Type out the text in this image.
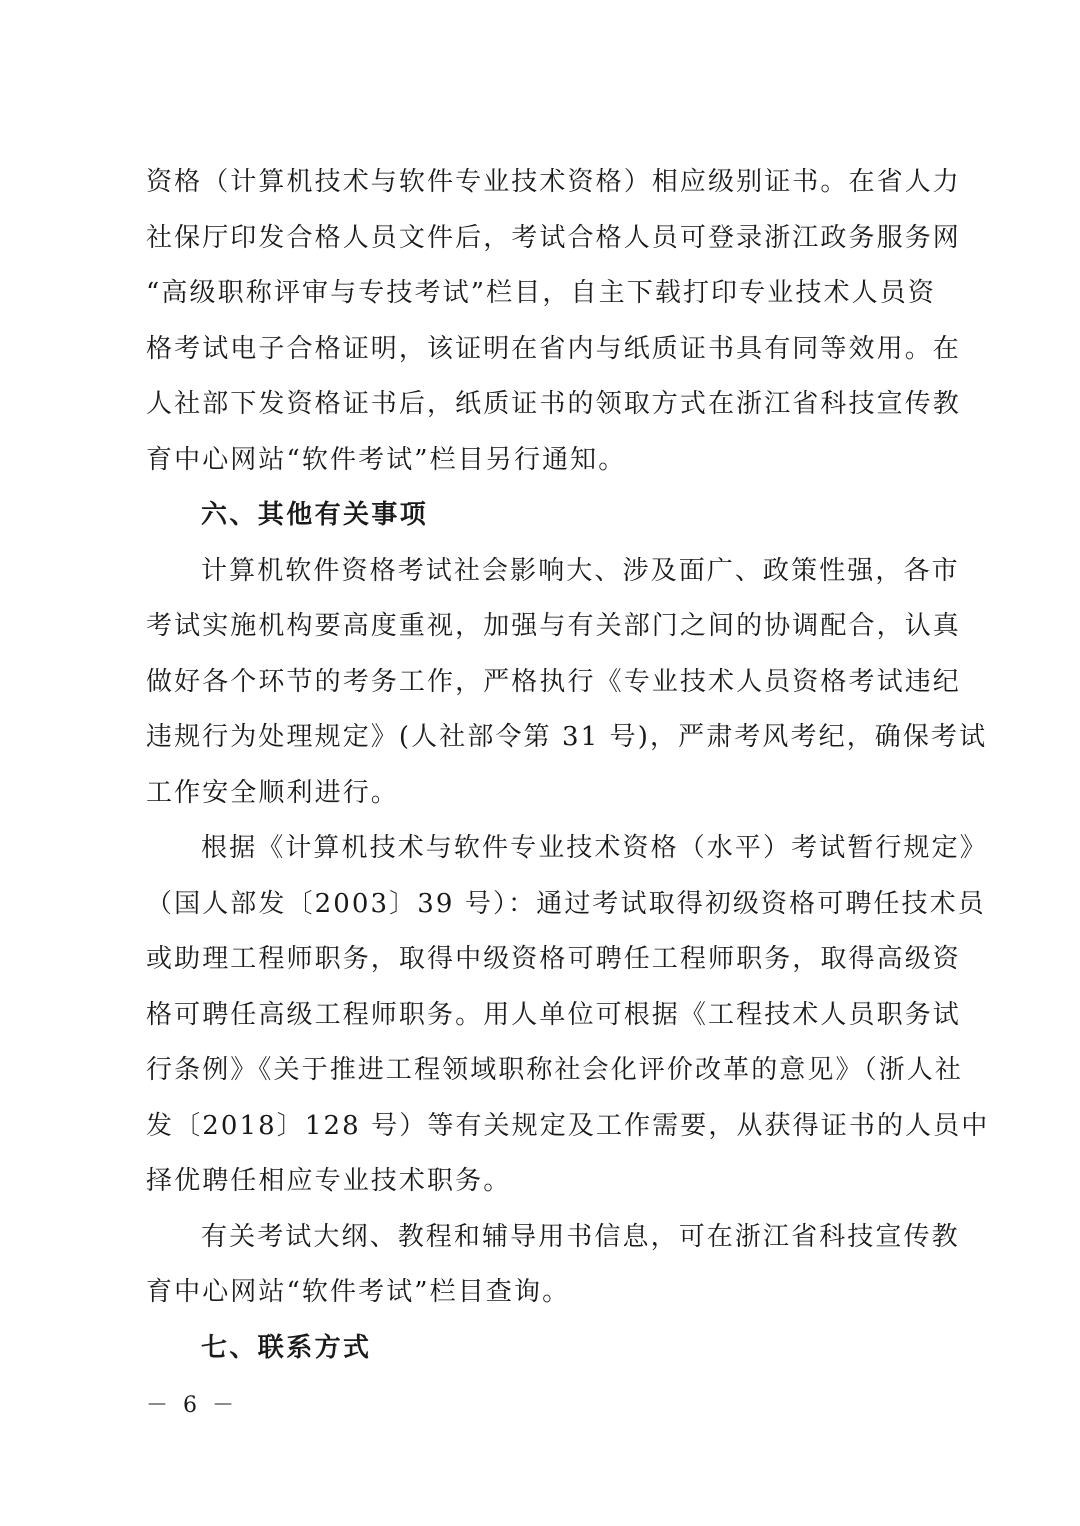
资格（计算机技术与软件专业技术资格）相应级别证书。在省人力
社保厅印发合格人员文件后，考试合格人员可登录浙江政务服务网
“高级职称评审与专技考试”栏目，自主下载打印专业技术人员资
格考试电子合格证明，该证明在省内与纸质证书具有同等效用。在
人社部下发资格证书后，纸质证书的领取方式在浙江省科技宣传教
育中心网站“软件考试”栏目另行通知。
六、其他有关事项
计算机软件资格考试社会影响大、涉及面广、政策性强，各市
考试实施机构要高度重视，加强与有关部门之间的协调配合，认真
做好各个环节的考务工作，严格执行《专业技术人员资格考试违纪
违规行为处理规定》(人社部令第 31 号)，严肃考风考纪，确保考试
工作安全顺利进行。
根据《计算机技术与软件专业技术资格（水平）考试暂行规定》
（国人部发〔2003〕39 号）：通过考试取得初级资格可聘任技术员
或助理工程师职务，取得中级资格可聘任工程师职务，取得高级资
格可聘任高级工程师职务。用人单位可根据《工程技术人员职务试
行条例》《关于推进工程领域职称社会化评价改革的意见》（浙人社
发〔2018〕128 号）等有关规定及工作需要，从获得证书的人员中
择优聘任相应专业技术职务。
有关考试大纲、教程和辅导用书信息，可在浙江省科技宣传教
育中心网站“软件考试”栏目查询。
七、联系方式
－ 6 －
